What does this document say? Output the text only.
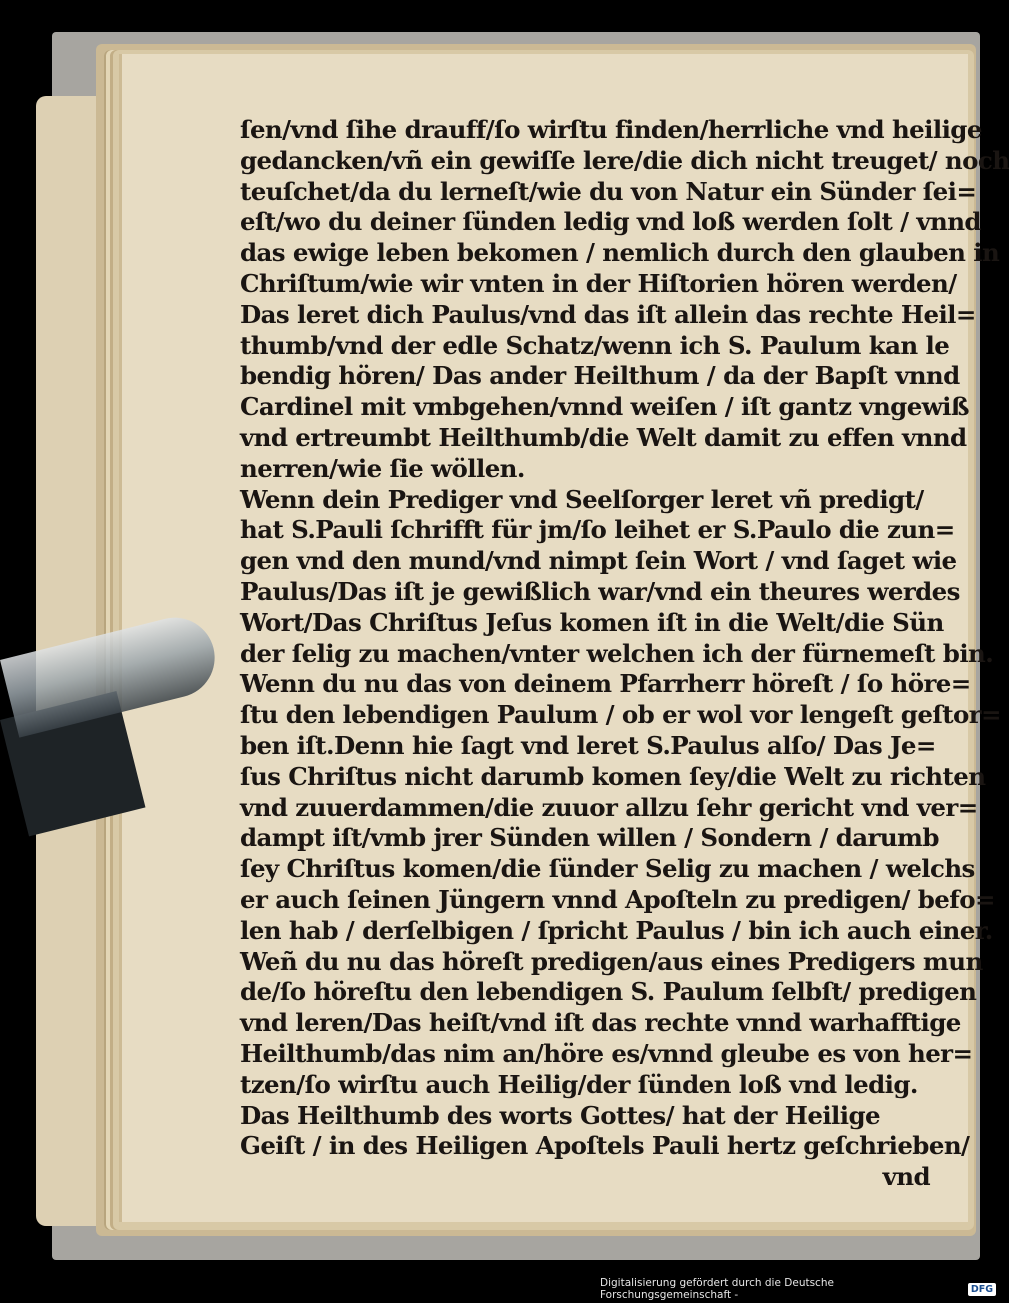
ſen/vnd ſihe drauff/ſo wirſtu finden/herrliche vnd heilige
gedancken/vñ ein gewiſſe lere/die dich nicht treuget/ noch
teuſchet/da du lerneſt/wie du von Natur ein Sünder ſei=
eſt/wo du deiner ſünden ledig vnd loß werden ſolt / vnnd
das ewige leben bekomen / nemlich durch den glauben in
Chriſtum/wie wir vnten in der Hiſtorien hören werden/
Das leret dich Paulus/vnd das iſt allein das rechte Heil=
thumb/vnd der edle Schatz/wenn ich S. Paulum kan le
bendig hören/ Das ander Heilthum / da der Bapſt vnnd
Cardinel mit vmbgehen/vnnd weiſen / iſt gantz vngewiß
vnd ertreumbt Heilthumb/die Welt damit zu effen vnnd
nerren/wie ſie wöllen.
Wenn dein Prediger vnd Seelſorger leret vñ predigt/
hat S.Pauli ſchrifft für jm/ſo leihet er S.Paulo die zun=
gen vnd den mund/vnd nimpt ſein Wort / vnd ſaget wie
Paulus/Das iſt je gewißlich war/vnd ein theures werdes
Wort/Das Chriſtus Jeſus komen iſt in die Welt/die Sün
der ſelig zu machen/vnter welchen ich der fürnemeſt bin.
Wenn du nu das von deinem Pfarrherr höreſt / ſo höre=
ſtu den lebendigen Paulum / ob er wol vor lengeſt geſtor=
ben iſt.Denn hie ſagt vnd leret S.Paulus alſo/ Das Je=
ſus Chriſtus nicht darumb komen ſey/die Welt zu richten
vnd zuuerdammen/die zuuor allzu ſehr gericht vnd ver=
dampt iſt/vmb jrer Sünden willen / Sondern / darumb
ſey Chriſtus komen/die ſünder Selig zu machen / welchs
er auch ſeinen Jüngern vnnd Apoſteln zu predigen/ befo=
len hab / derſelbigen / ſpricht Paulus / bin ich auch einer.
Weñ du nu das höreſt predigen/aus eines Predigers mun
de/ſo höreſtu den lebendigen S. Paulum ſelbſt/ predigen
vnd leren/Das heiſt/vnd iſt das rechte vnnd warhafftige
Heilthumb/das nim an/höre es/vnnd gleube es von her=
tzen/ſo wirſtu auch Heilig/der ſünden loß vnd ledig.
Das Heilthumb des worts Gottes/ hat der Heilige
Geiſt / in des Heiligen Apoſtels Pauli hertz geſchrieben/
vnd
Digitalisierung gefördert durch die Deutsche Forschungsgemeinschaft -	DFG
